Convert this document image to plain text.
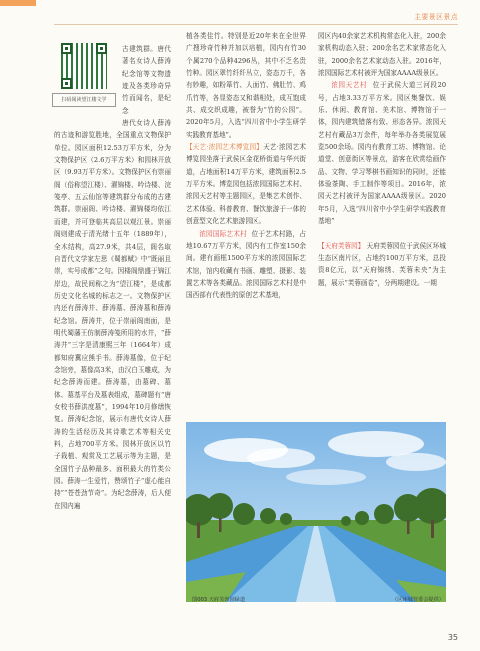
主要景区景点
扫码阅读望江楼文学

古建筑群。唐代著名女诗人薛涛纪念馆等文物遗迹及各类珍奇异竹而闻名，是纪念

唐代女诗人薛涛的古迹和游览胜地，全国重点文物保护单位。园区面积12.53万平方米，分为文物保护区（2.6万平方米）和园林开放区（9.93万平方米）。文物保护区有崇丽阁（俗称望江楼）、濯锦楼、吟诗楼、浣笺亭、五云仙馆等建筑群分布成的古建筑群。崇丽阁、吟诗楼、濯锦楼均依江而建，并可登临其高层以观江景。崇丽阁则建成于清光绪十五年（1889年），全木结构，高27.9米，共4层，阁名取自晋代文学家左思《蜀都赋》中“既丽且崇，实号成都”之句。因楼阁鼎盛于锦江岸边，故民间称之为“望江楼”，是成都历史文化名城的标志之一。文物保护区内还有薛涛井、薛涛墓、薛涛墓和薛涛纪念馆。薛涛井，位于崇丽阁南面，是明代蜀藩王仿制薛涛笺所用的水井，“薛涛井”三字是清康熙三年（1664年）成都知府冀应熊手书。薛涛墓像，位于纪念馆旁，墓像高3米，由汉白玉雕成，为纪念薛涛而建。薛涛墓，由墓碑、墓体、墓基平台及墓表组成，墓碑题有“唐女校书薛洪度墓”，1994年10月修缮恢复。薛涛纪念馆，展示有唐代女诗人薛涛的生活经历及其诗歌艺术等相关史料，占地700平方米。园林开放区以竹子栽植、观赏及工艺展示等为主题，是全国竹子品种最多、面积最大的竹类公园。薛涛一生爱竹，赞颂竹子“虚心能自持”“苍苍劲节奇”。为纪念薛涛，后人便在园内遍

植各类佳竹。特别是近20年来在全世界广搜珍奇竹种并加以培植，园内有竹30个属270个品种4296丛，其中不乏名贵竹种。园区翠竹纤纤丛立，姿态万千，各有妙趣，如粉箪竹、人面竹、佛肚竹、鸡爪竹等，各显姿态又和谐相处，成互饱成共、成交织成趣，被誉为“竹的公园”。2020年5月，入选“四川省中小学生研学实践教育基地”。

【天艺·浓园艺术博览园】天艺·浓园艺术博览园坐落于武侯区金花桥街道与华兴街道，占地面积14万平方米，建筑面积2.5万平方米。博览园包括浓园国际艺术村、浓园天艺村等主题园区，是集艺术创作、艺术体验、科普教育、餐饮旅游于一体的创意型文化艺术旅游园区。

浓园国际艺术村 位于艺术村路，占地10.67万平方米，园内有工作室150余间。建有画框1500平方米的浓园国际艺术馆，馆内收藏有书画、雕塑、摄影、装置艺术等各类藏品。浓园国际艺术村是中国西部有代表性的原创艺术基地，

园区内40余家艺术机构常态化入驻，200余家机构动态入驻；200余名艺术家常态化入驻，2000余名艺术家动态入驻。2016年，浓园国际艺术村被评为国家AAAA级景区。

浓园天艺村 位于武侯大道三河段20号，占地3.33万平方米。园区集餐饮、娱乐、休闲、教育馆、美术馆、博物馆于一体，园内建筑错落有致、形态各异。浓园天艺村有藏品3万余件，每年举办各类展览展览500余场。园内有教育工坊、博物馆、论道堂、创意街区等景点，游客在欣赏绘画作品、文物、学习琴棋书画知识的同时，还能体验茶陶、手工制作等项目。2016年，浓园天艺村被评为国家AAAA级景区。2020年5月，入选“四川省中小学生研学实践教育基地”

【天府芙蓉园】 天府芙蓉园位于武侯区环城生态区南片区，占地约100万平方米，总投资8亿元，以“天府锦绣、芙蓉未央”为主题，展示“芙蓉画卷”，分两期建设。一期

图003 天府芙蓉园绿道	（区环城管委会提供）
35
